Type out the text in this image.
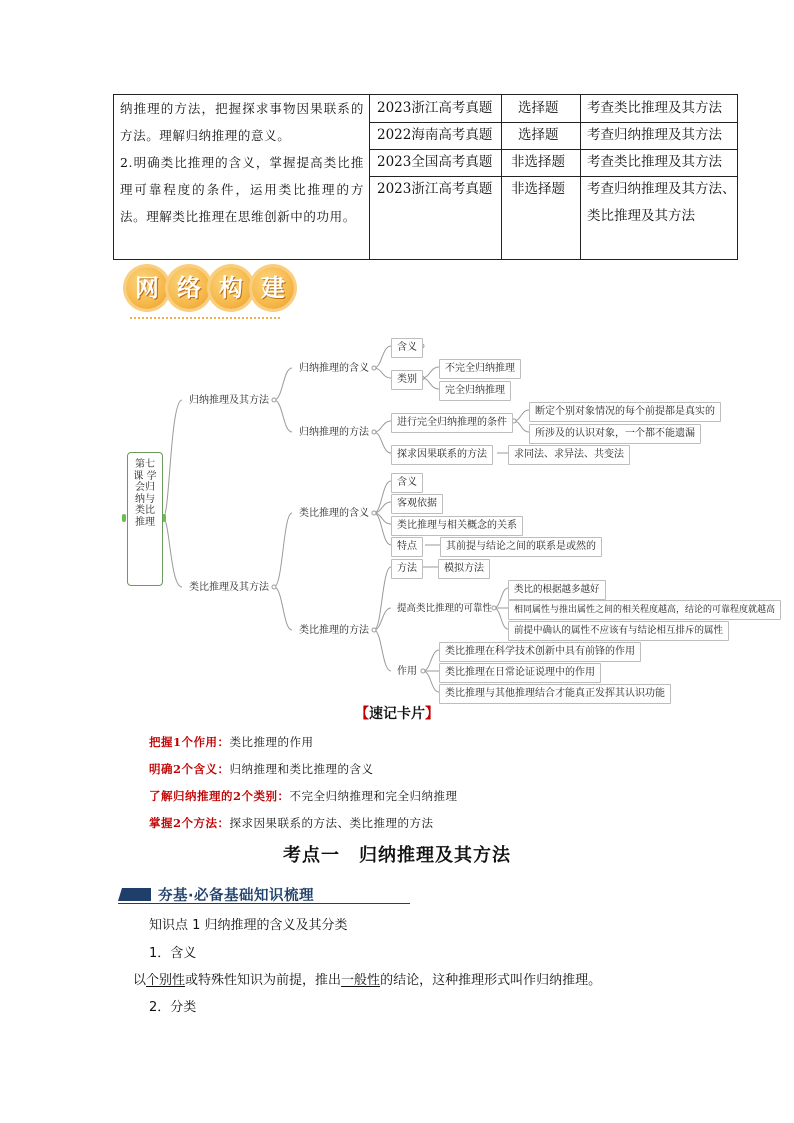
纳推理的方法，把握探求事物因果联系的方法。理解归纳推理的意义。

2.明确类比推理的含义，掌握提高类比推理可靠程度的条件，运用类比推理的方法。理解类比推理在思维创新中的功用。

2023浙江高考真题 选择题 考查类比推理及其方法
2022海南高考真题 选择题 考查归纳推理及其方法
2023全国高考真题 非选择题 考查类比推理及其方法
2023浙江高考真题 非选择题 考查归纳推理及其方法、类比推理及其方法
网 络 构 建
第七课 学会归纳与类比推理
归纳推理及其方法
归纳推理的含义
含义
类别
不完全归纳推理
完全归纳推理
归纳推理的方法
进行完全归纳推理的条件
断定个别对象情况的每个前提都是真实的
所涉及的认识对象，一个都不能遗漏
探求因果联系的方法	求同法、求异法、共变法
类比推理及其方法
类比推理的含义
含义
客观依据
类比推理与相关概念的关系
特点	其前提与结论之间的联系是或然的
类比推理的方法
方法	模拟方法
提高类比推理的可靠性
类比的根据越多越好
相同属性与推出属性之间的相关程度越高，结论的可靠程度就越高
前提中确认的属性不应该有与结论相互排斥的属性
作用
类比推理在科学技术创新中具有前锋的作用
类比推理在日常论证说理中的作用
类比推理与其他推理结合才能真正发挥其认识功能
【速记卡片】
把握1个作用：类比推理的作用
明确2个含义：归纳推理和类比推理的含义
了解归纳推理的2个类别：不完全归纳推理和完全归纳推理
掌握2个方法：探求因果联系的方法、类比推理的方法
考点一　归纳推理及其方法
夯基·必备基础知识梳理
知识点 1 归纳推理的含义及其分类
1．含义
以个别性或特殊性知识为前提，推出一般性的结论，这种推理形式叫作归纳推理。
2．分类
